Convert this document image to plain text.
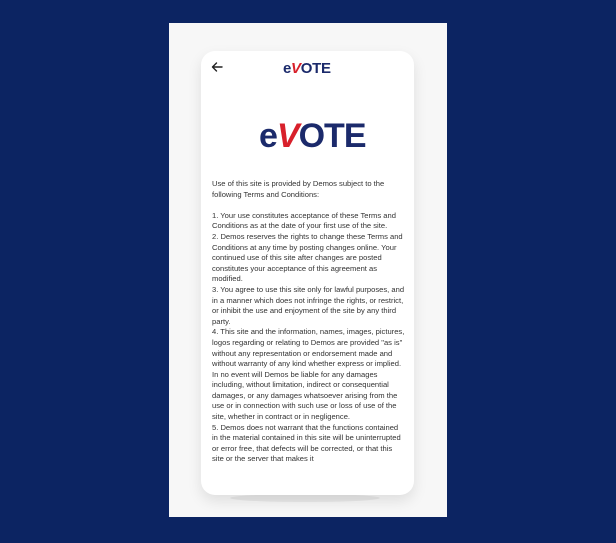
eVOTE
eVOTE

Use of this site is provided by Demos subject to the following Terms and Conditions:

1. Your use constitutes acceptance of these Terms and Conditions as at the date of your first use of the site.

2. Demos reserves the rights to change these Terms and Conditions at any time by posting changes online. Your continued use of this site after changes are posted constitutes your acceptance of this agreement as modified.

3. You agree to use this site only for lawful purposes, and in a manner which does not infringe the rights, or restrict, or inhibit the use and enjoyment of the site by any third party.

4. This site and the information, names, images, pictures, logos regarding or relating to Demos are provided "as is" without any representation or endorsement made and without warranty of any kind whether express or implied. In no event will Demos be liable for any damages including, without limitation, indirect or consequential damages, or any damages whatsoever arising from the use or in connection with such use or loss of use of the site, whether in contract or in negligence.

5. Demos does not warrant that the functions contained in the material contained in this site will be uninterrupted or error free, that defects will be corrected, or that this site or the server that makes it
